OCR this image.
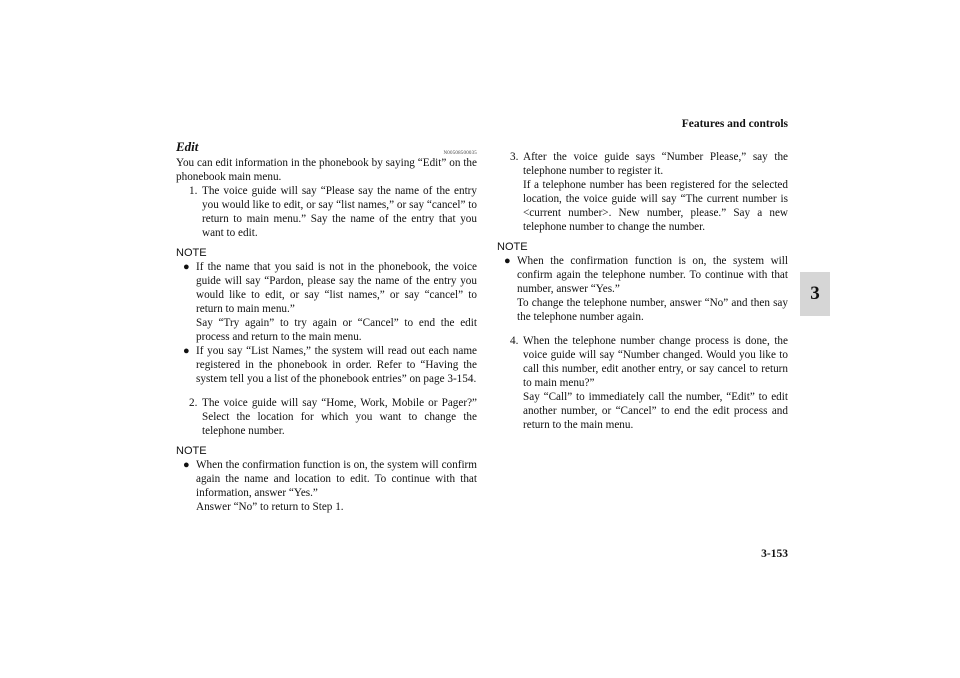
Features and controls
3
3-153
Edit	N00508500035

You can edit information in the phonebook by saying “Edit” on the phonebook main menu.

1. The voice guide will say “Please say the name of the entry you would like to edit, or say “list names,” or say “cancel” to return to main menu.” Say the name of the entry that you want to edit.

NOTE
● If the name that you said is not in the phonebook, the voice guide will say “Pardon, please say the name of the entry you would like to edit, or say “list names,” or say “cancel” to return to main menu.”
Say “Try again” to try again or “Cancel” to end the edit process and return to the main menu.
● If you say “List Names,” the system will read out each name registered in the phonebook in order. Refer to “Having the system tell you a list of the phonebook entries” on page 3-154.

2. The voice guide will say “Home, Work, Mobile or Pager?” Select the location for which you want to change the telephone number.

NOTE
● When the confirmation function is on, the system will confirm again the name and location to edit. To continue with that information, answer “Yes.”
Answer “No” to return to Step 1.

3. After the voice guide says “Number Please,” say the telephone number to register it.
If a telephone number has been registered for the selected location, the voice guide will say “The current number is <current number>. New number, please.” Say a new telephone number to change the number.

NOTE
● When the confirmation function is on, the system will confirm again the telephone number. To continue with that number, answer “Yes.”
To change the telephone number, answer “No” and then say the telephone number again.

4. When the telephone number change process is done, the voice guide will say “Number changed. Would you like to call this number, edit another entry, or say cancel to return to main menu?”
Say “Call” to immediately call the number, “Edit” to edit another number, or “Cancel” to end the edit process and return to the main menu.
